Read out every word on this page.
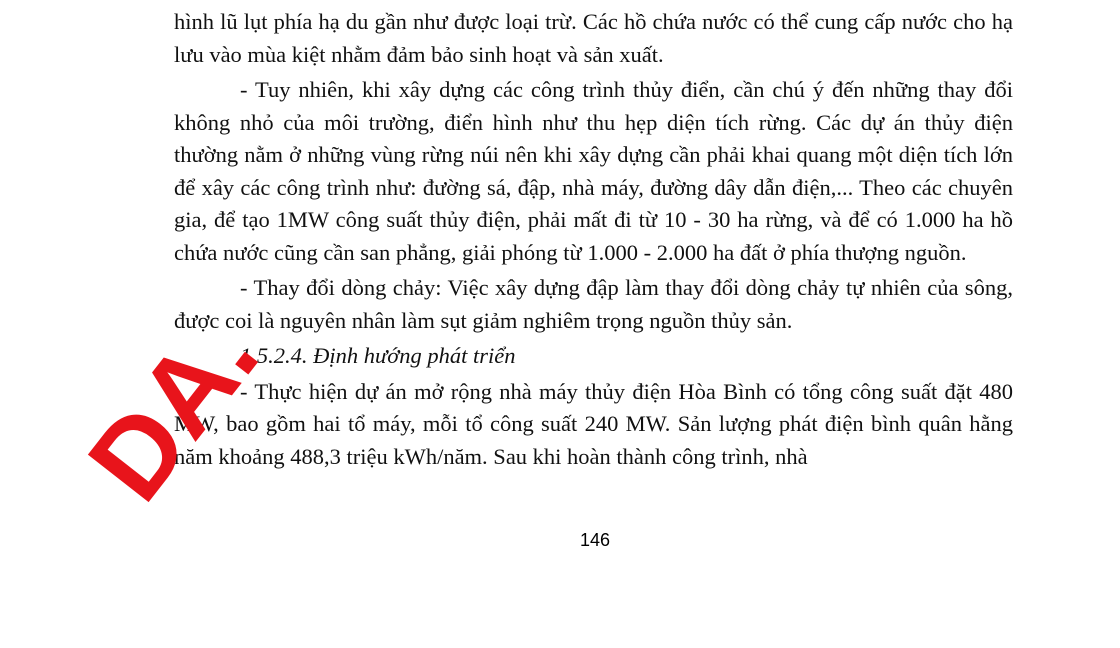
hình lũ lụt phía hạ du gần như được loại trừ. Các hồ chứa nước có thể cung cấp nước cho hạ lưu vào mùa kiệt nhằm đảm bảo sinh hoạt và sản xuất.

- Tuy nhiên, khi xây dựng các công trình thủy điển, cần chú ý đến những thay đổi không nhỏ của môi trường, điển hình như thu hẹp diện tích rừng. Các dự án thủy điện thường nằm ở những vùng rừng núi nên khi xây dựng cần phải khai quang một diện tích lớn để xây các công trình như: đường sá, đập, nhà máy, đường dây dẫn điện,... Theo các chuyên gia, để tạo 1MW công suất thủy điện, phải mất đi từ 10 - 30 ha rừng, và để có 1.000 ha hồ chứa nước cũng cần san phẳng, giải phóng từ 1.000 - 2.000 ha đất ở phía thượng nguồn.

- Thay đổi dòng chảy: Việc xây dựng đập làm thay đổi dòng chảy tự nhiên của sông, được coi là nguyên nhân làm sụt giảm nghiêm trọng nguồn thủy sản.

1.5.2.4. Định hướng phát triển

- Thực hiện dự án mở rộng nhà máy thủy điện Hòa Bình có tổng công suất đặt 480 MW, bao gồm hai tổ máy, mỗi tổ công suất 240 MW. Sản lượng phát điện bình quân hằng năm khoảng 488,3 triệu kWh/năm. Sau khi hoàn thành công trình, nhà

146
DA.
